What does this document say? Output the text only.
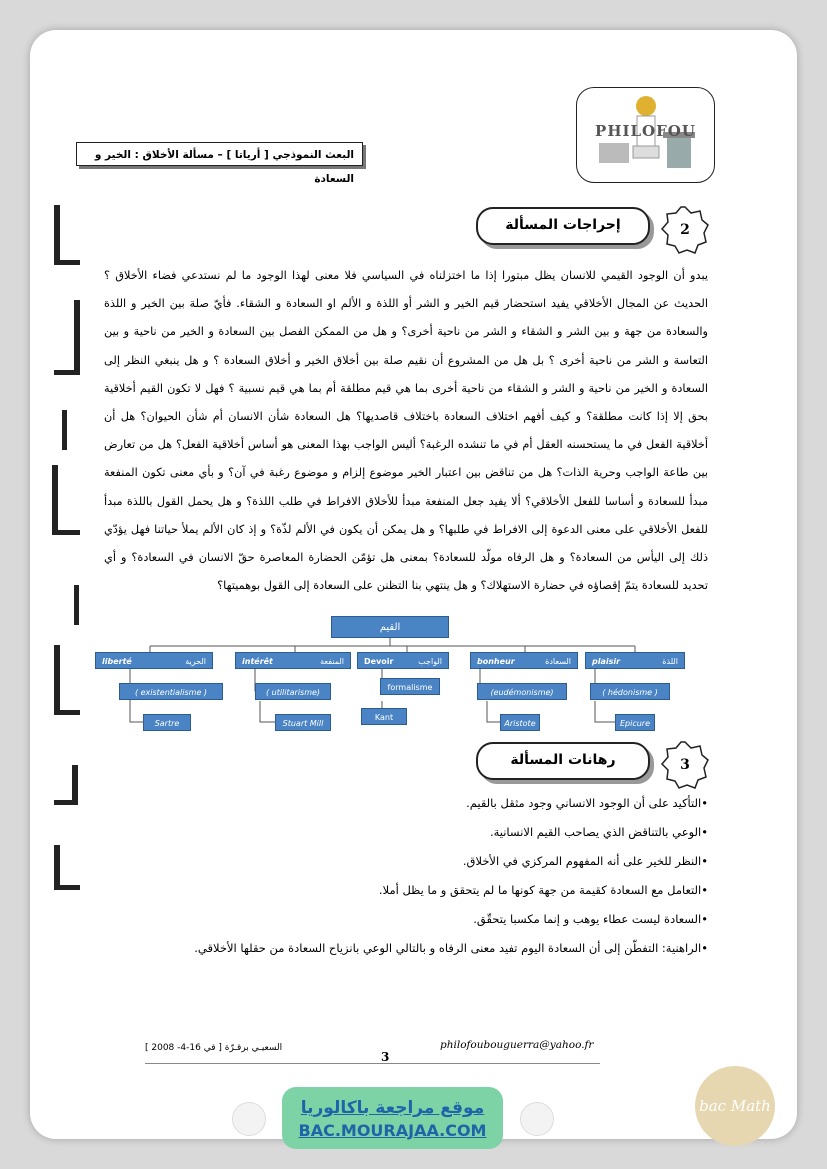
PHILOFOU
البعث النموذجي [ أرياتا ] – مسألة الأخلاق : الخير و السعادة
إحراجات المسألة	2
يبدو أن الوجود القيمي للانسان يظل مبتورا إذا ما اختزلناه في السياسي فلا معنى لهذا الوجود ما لم نستدعي فضاء الأخلاق ؟ الحديث عن المجال الأخلاقي يفيد استحضار قيم الخير و الشر أو اللذة و الألم او السعادة و الشقاء. فأيّ صلة بين الخير و اللذة والسعادة من جهة و بين الشر و الشقاء و الشر من ناحية أخرى؟ و هل من الممكن الفصل بين السعادة و الخير من ناحية و بين التعاسة و الشر من ناحية أخرى ؟ بل هل من المشروع أن نقيم صلة بين أخلاق الخير و أخلاق السعادة ؟ و هل ينبغي النظر إلى السعادة و الخير من ناحية و الشر و الشقاء من ناحية أخرى بما هي قيم مطلقة أم بما هي قيم نسبية ؟ فهل لا تكون القيم أخلاقية بحق إلا إذا كانت مطلقة؟ و كيف أفهم اختلاف السعادة باختلاف قاصديها؟ هل السعادة شأن الانسان أم شأن الحيوان؟ هل أن أخلاقية الفعل في ما يستحسنه العقل أم في ما تنشده الرغبة؟ أليس الواجب بهذا المعنى هو أساس أخلاقية الفعل؟ هل من تعارض بين طاعة الواجب وحرية الذات؟ هل من تناقض بين اعتبار الخير موضوع إلزام و موضوع رغبة في آن؟ و بأي معنى تكون المنفعة مبدأ للسعادة و أساسا للفعل الأخلاقي؟ ألا يفيد جعل المنفعة مبدأ للأخلاق الافراط في طلب اللذة؟ و هل يحمل القول باللذة مبدأ للفعل الأخلاقي على معنى الدعوة إلى الافراط في طلبها؟ و هل يمكن أن يكون في الألم لذّة؟ و إذ كان الألم يملأ حياتنا فهل يؤدّي ذلك إلى اليأس من السعادة؟ و هل الرفاه مولّد للسعادة؟ بمعنى هل تؤمّن الحضارة المعاصرة حقّ الانسان في السعادة؟ و أي تحديد للسعادة يتمّ إقصاؤه في حضارة الاستهلاك؟ و هل ينتهي بنا التظنن على السعادة إلى القول بوهميتها؟
القيم
liberté	الحرية	intérêt	المنفعة	Devoir	الواجب	bonheur	السعادة	plaisir	اللذة
( existentialisme )	( utilitarisme)
formalisme
(eudémonisme)	( hédonisme )
Sartre	Stuart Mill
Kant
Aristote	Epicure
رهانات المسألة	3
•التأكيد على أن الوجود الانساني وجود مثقل بالقيم.
•الوعي بالتناقض الذي يصاحب القيم الانسانية.
•النظر للخير على أنه المفهوم المركزي في الأخلاق.
•التعامل مع السعادة كقيمة من جهة كونها ما لم يتحقق و ما يظل أملا.
•السعادة ليست عطاء يوهب و إنما مكسبا يتحقّق.
•الراهنية: التفطّن إلى أن السعادة اليوم تفيد معنى الرفاه و بالتالي الوعي بانزياح السعادة من حقلها الأخلاقي.
philofoubouguerra@yahoo.fr
السعيـي برقـرّة [ قي 16-4- 2008 ]
3
موقع مراجعة باكالوريا
BAC.MOURAJAA.COM
bac Math
